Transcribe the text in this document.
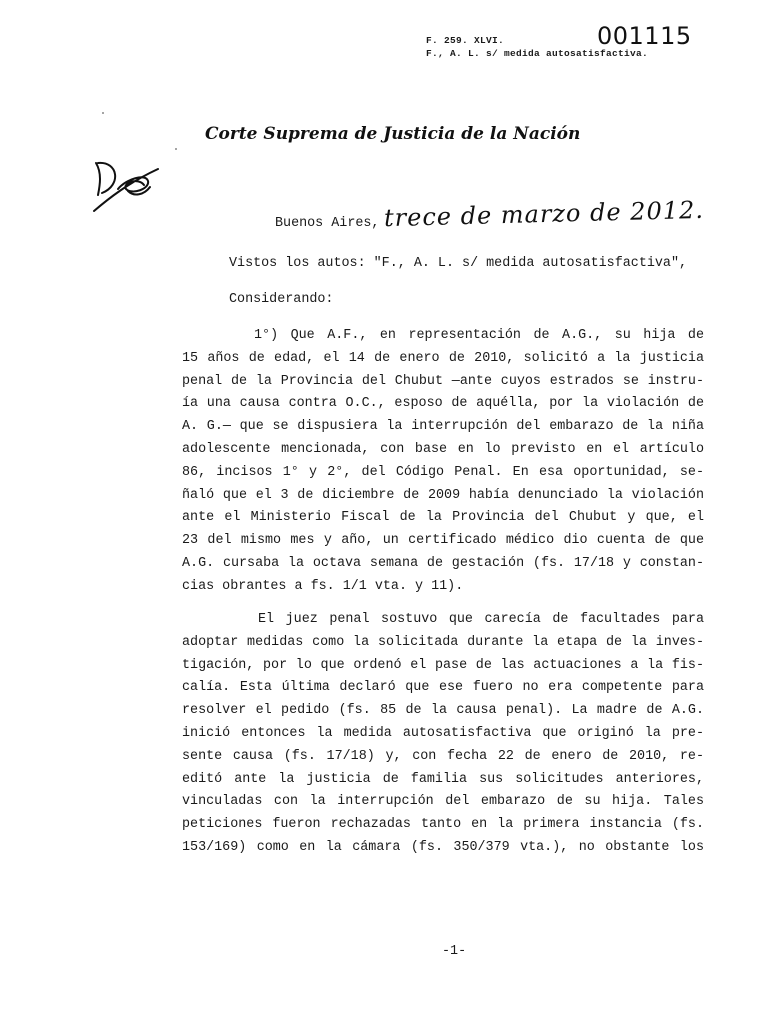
001115
F. 259. XLVI.
F., A. L. s/ medida autosatisfactiva.
Corte Suprema de Justicia de la Nación
Buenos Aires, trece de marzo de 2012.
Vistos los autos: "F., A. L. s/ medida autosatisfactiva",
Considerando:
1°) Que A.F., en representación de A.G., su hija de
15 años de edad, el 14 de enero de 2010, solicitó a la justicia
penal de la Provincia del Chubut —ante cuyos estrados se instru-
ía una causa contra O.C., esposo de aquélla, por la violación de
A. G.— que se dispusiera la interrupción del embarazo de la niña
adolescente mencionada, con base en lo previsto en el artículo
86, incisos 1° y 2°, del Código Penal. En esa oportunidad, se-
ñaló que el 3 de diciembre de 2009 había denunciado la violación
ante el Ministerio Fiscal de la Provincia del Chubut y que, el
23 del mismo mes y año, un certificado médico dio cuenta de que
A.G. cursaba la octava semana de gestación (fs. 17/18 y constan-
cias obrantes a fs. 1/1 vta. y 11).
El juez penal sostuvo que carecía de facultades para
adoptar medidas como la solicitada durante la etapa de la inves-
tigación, por lo que ordenó el pase de las actuaciones a la fis-
calía. Esta última declaró que ese fuero no era competente para
resolver el pedido (fs. 85 de la causa penal). La madre de A.G.
inició entonces la medida autosatisfactiva que originó la pre-
sente causa (fs. 17/18) y, con fecha 22 de enero de 2010, re-
editó ante la justicia de familia sus solicitudes anteriores,
vinculadas con la interrupción del embarazo de su hija. Tales
peticiones fueron rechazadas tanto en la primera instancia (fs.
153/169) como en la cámara (fs. 350/379 vta.), no obstante los
-1-
